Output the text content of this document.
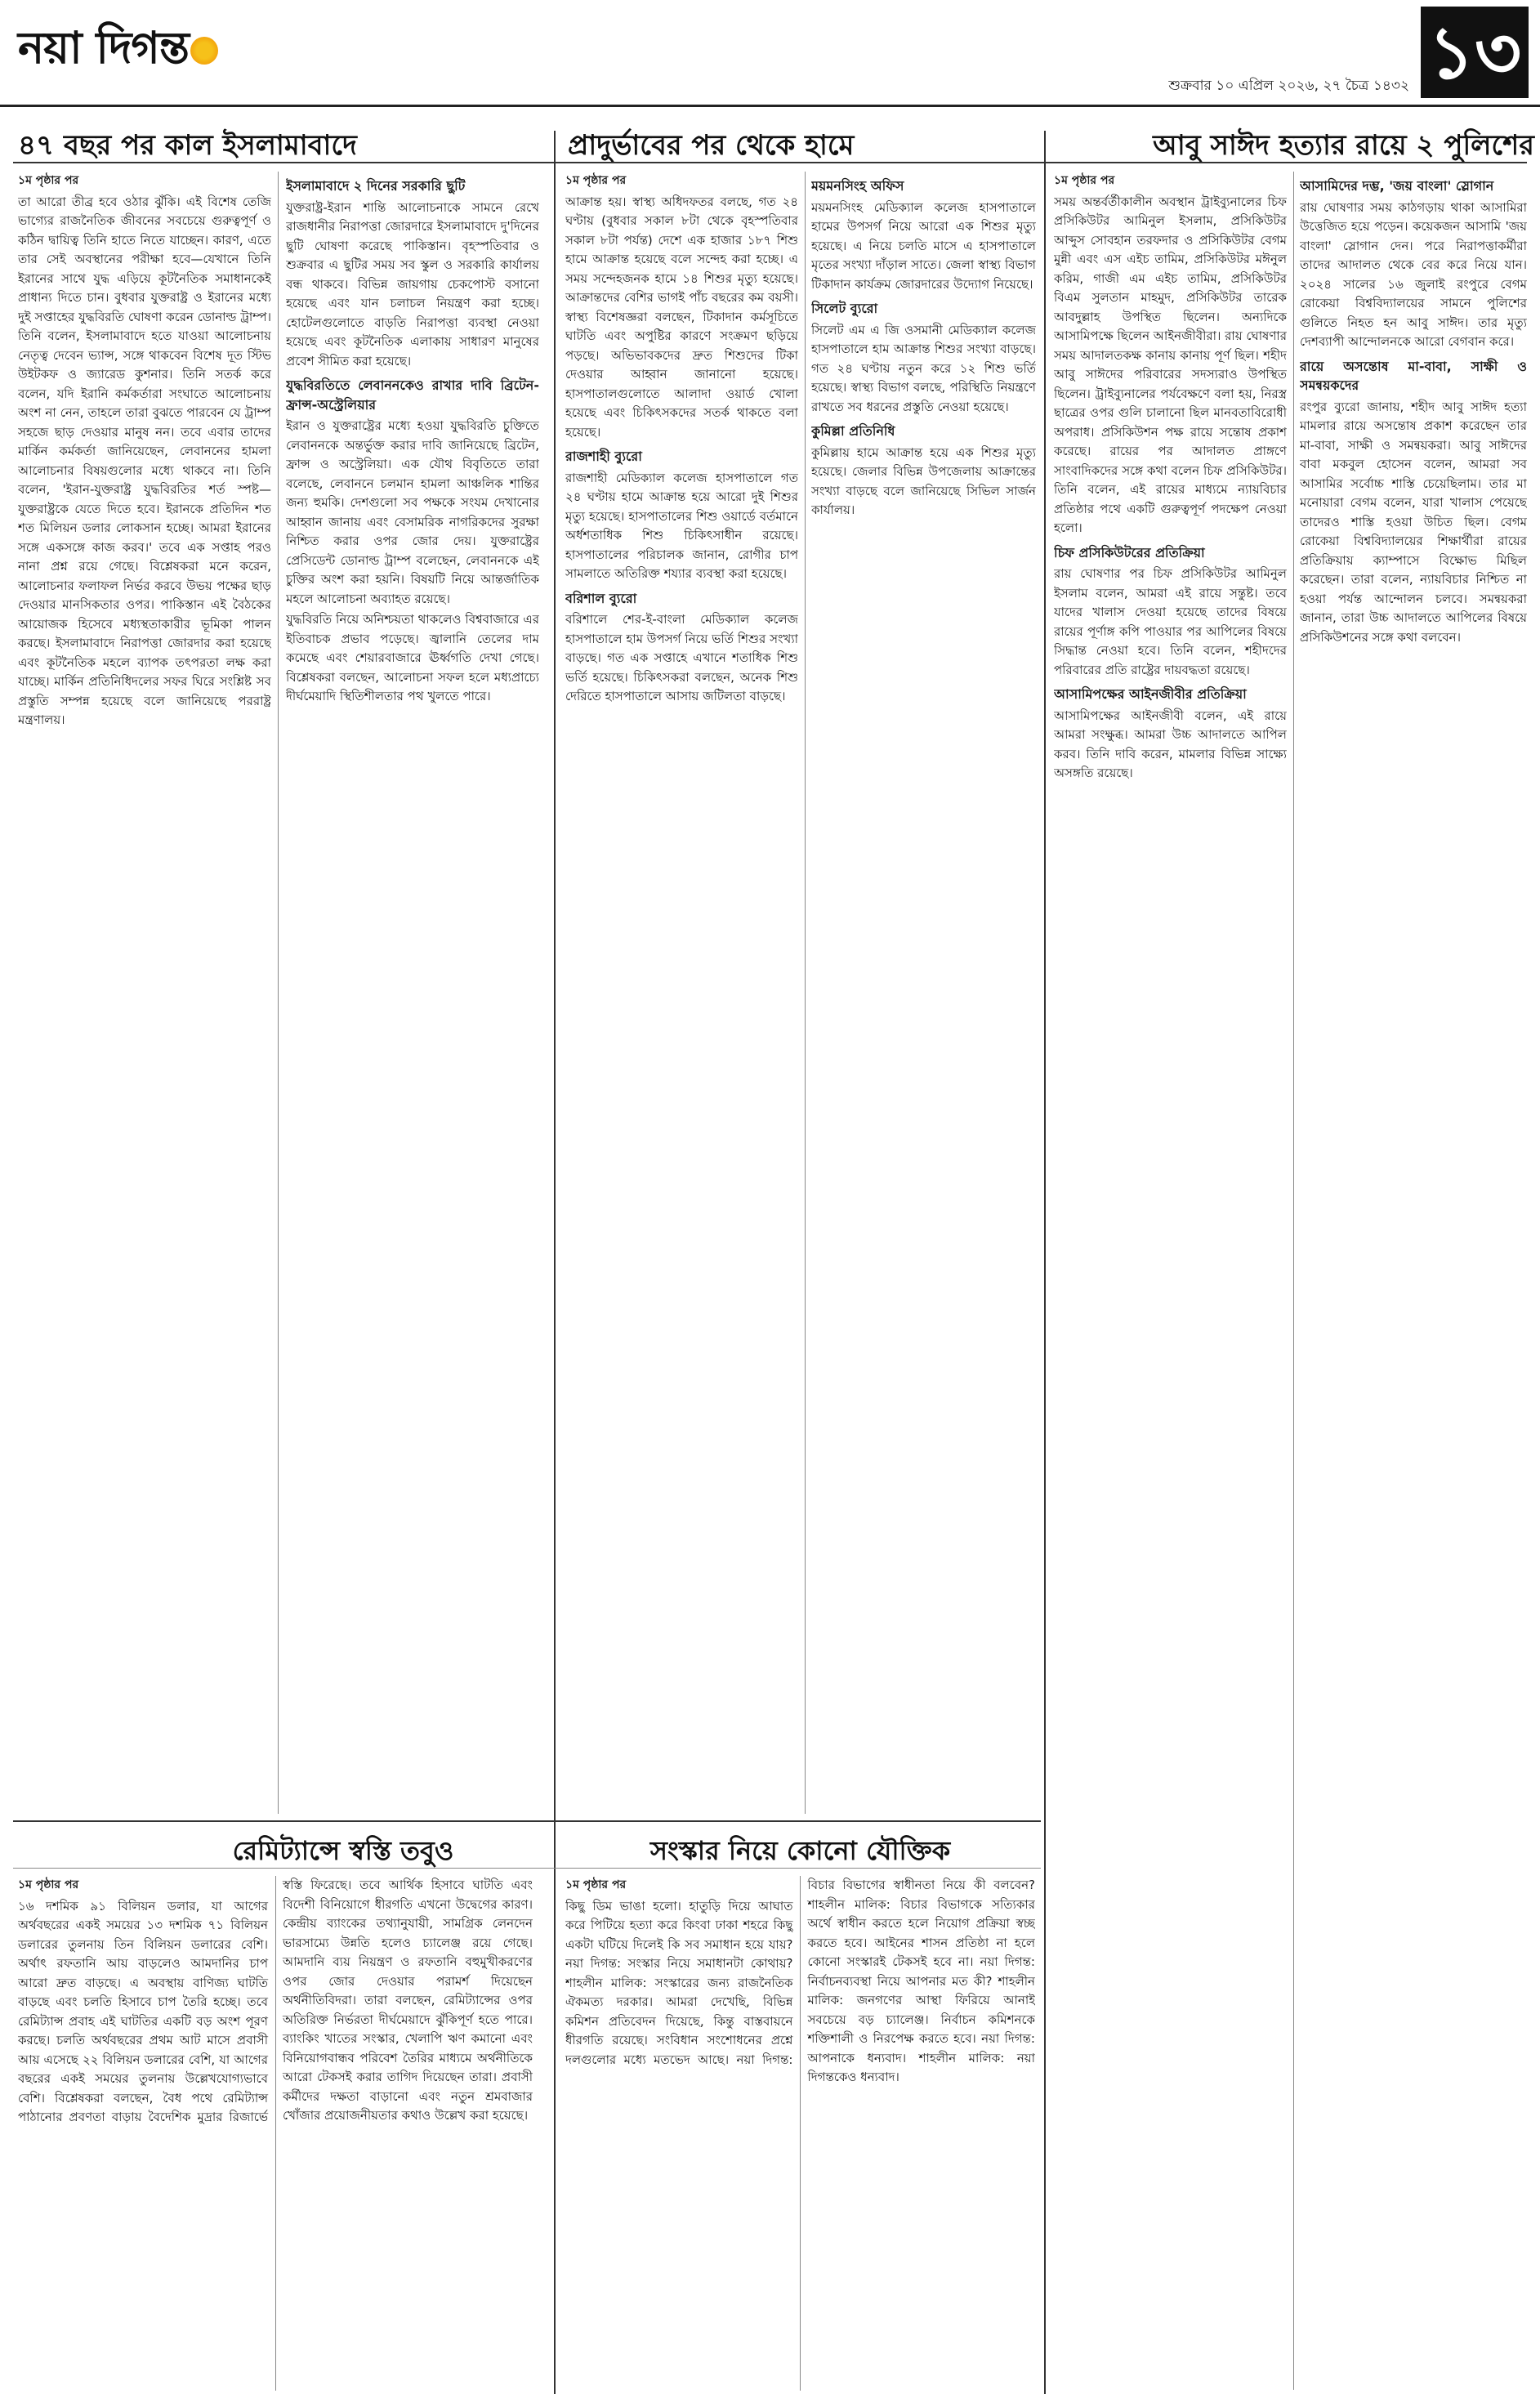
নয়া দিগন্ত
শুক্রবার ১০ এপ্রিল ২০২৬, ২৭ চৈত্র ১৪৩২ ১৩
৪৭ বছর পর কাল ইসলামাবাদে	প্রাদুর্ভাবের পর থেকে হামে	আবু সাঈদ হত্যার রায়ে ২ পুলিশের
১ম পৃষ্ঠার পর

তা আরো তীব্র হবে ওঠার ঝুঁকি। এই বিশেষ তেজি ভাগ্যের রাজনৈতিক জীবনের সবচেয়ে গুরুত্বপূর্ণ ও কঠিন দ্বায়িত্ব তিনি হাতে নিতে যাচ্ছেন। কারণ, এতে তার সেই অবস্থানের পরীক্ষা হবে—যেখানে তিনি ইরানের সাথে যুদ্ধ এড়িয়ে কূটনৈতিক সমাধানকেই প্রাধান্য দিতে চান। বুধবার যুক্তরাষ্ট্র ও ইরানের মধ্যে দুই সপ্তাহের যুদ্ধবিরতি ঘোষণা করেন ডোনাল্ড ট্রাম্প। তিনি বলেন, ইসলামাবাদে হতে যাওয়া আলোচনায় নেতৃত্ব দেবেন ভ্যান্স, সঙ্গে থাকবেন বিশেষ দূত স্টিভ উইটকফ ও জ্যারেড কুশনার। তিনি সতর্ক করে বলেন, যদি ইরানি কর্মকর্তারা সংঘাতে আলোচনায় অংশ না নেন, তাহলে তারা বুঝতে পারবেন যে ট্রাম্প সহজে ছাড় দেওয়ার মানুষ নন। তবে এবার তাদের মার্কিন কর্মকর্তা জানিয়েছেন, লেবাননের হামলা আলোচনার বিষয়গুলোর মধ্যে থাকবে না। তিনি বলেন, 'ইরান-যুক্তরাষ্ট্র যুদ্ধবিরতির শর্ত স্পষ্ট—যুক্তরাষ্ট্রকে যেতে দিতে হবে। ইরানকে প্রতিদিন শত শত মিলিয়ন ডলার লোকসান হচ্ছে। আমরা ইরানের সঙ্গে একসঙ্গে কাজ করব।' তবে এক সপ্তাহ পরও নানা প্রশ্ন রয়ে গেছে। বিশ্লেষকরা মনে করেন, আলোচনার ফলাফল নির্ভর করবে উভয় পক্ষের ছাড় দেওয়ার মানসিকতার ওপর। পাকিস্তান এই বৈঠকের আয়োজক হিসেবে মধ্যস্থতাকারীর ভূমিকা পালন করছে। ইসলামাবাদে নিরাপত্তা জোরদার করা হয়েছে এবং কূটনৈতিক মহলে ব্যাপক তৎপরতা লক্ষ করা যাচ্ছে। মার্কিন প্রতিনিধিদলের সফর ঘিরে সংশ্লিষ্ট সব প্রস্তুতি সম্পন্ন হয়েছে বলে জানিয়েছে পররাষ্ট্র মন্ত্রণালয়।

ইসলামাবাদে ২ দিনের সরকারি ছুটি

যুক্তরাষ্ট্র-ইরান শান্তি আলোচনাকে সামনে রেখে রাজধানীর নিরাপত্তা জোরদারে ইসলামাবাদে দু'দিনের ছুটি ঘোষণা করেছে পাকিস্তান। বৃহস্পতিবার ও শুক্রবার এ ছুটির সময় সব স্কুল ও সরকারি কার্যালয় বন্ধ থাকবে। বিভিন্ন জায়গায় চেকপোস্ট বসানো হয়েছে এবং যান চলাচল নিয়ন্ত্রণ করা হচ্ছে। হোটেলগুলোতে বাড়তি নিরাপত্তা ব্যবস্থা নেওয়া হয়েছে এবং কূটনৈতিক এলাকায় সাধারণ মানুষের প্রবেশ সীমিত করা হয়েছে।

যুদ্ধবিরতিতে লেবাননকেও রাখার দাবি ব্রিটেন-ফ্রান্স-অস্ট্রেলিয়ার

ইরান ও যুক্তরাষ্ট্রের মধ্যে হওয়া যুদ্ধবিরতি চুক্তিতে লেবাননকে অন্তর্ভুক্ত করার দাবি জানিয়েছে ব্রিটেন, ফ্রান্স ও অস্ট্রেলিয়া। এক যৌথ বিবৃতিতে তারা বলেছে, লেবাননে চলমান হামলা আঞ্চলিক শান্তির জন্য হুমকি। দেশগুলো সব পক্ষকে সংযম দেখানোর আহ্বান জানায় এবং বেসামরিক নাগরিকদের সুরক্ষা নিশ্চিত করার ওপর জোর দেয়। যুক্তরাষ্ট্রের প্রেসিডেন্ট ডোনাল্ড ট্রাম্প বলেছেন, লেবাননকে এই চুক্তির অংশ করা হয়নি। বিষয়টি নিয়ে আন্তর্জাতিক মহলে আলোচনা অব্যাহত রয়েছে।

যুদ্ধবিরতি নিয়ে অনিশ্চয়তা থাকলেও বিশ্ববাজারে এর ইতিবাচক প্রভাব পড়েছে। জ্বালানি তেলের দাম কমেছে এবং শেয়ারবাজারে ঊর্ধ্বগতি দেখা গেছে। বিশ্লেষকরা বলছেন, আলোচনা সফল হলে মধ্যপ্রাচ্যে দীর্ঘমেয়াদি স্থিতিশীলতার পথ খুলতে পারে।

১ম পৃষ্ঠার পর

আক্রান্ত হয়। স্বাস্থ্য অধিদফতর বলছে, গত ২৪ ঘণ্টায় (বুধবার সকাল ৮টা থেকে বৃহস্পতিবার সকাল ৮টা পর্যন্ত) দেশে এক হাজার ১৮৭ শিশু হামে আক্রান্ত হয়েছে বলে সন্দেহ করা হচ্ছে। এ সময় সন্দেহজনক হামে ১৪ শিশুর মৃত্যু হয়েছে। আক্রান্তদের বেশির ভাগই পাঁচ বছরের কম বয়সী। স্বাস্থ্য বিশেষজ্ঞরা বলছেন, টিকাদান কর্মসূচিতে ঘাটতি এবং অপুষ্টির কারণে সংক্রমণ ছড়িয়ে পড়ছে। অভিভাবকদের দ্রুত শিশুদের টিকা দেওয়ার আহ্বান জানানো হয়েছে। হাসপাতালগুলোতে আলাদা ওয়ার্ড খোলা হয়েছে এবং চিকিৎসকদের সতর্ক থাকতে বলা হয়েছে।

রাজশাহী ব্যুরো

রাজশাহী মেডিক্যাল কলেজ হাসপাতালে গত ২৪ ঘণ্টায় হামে আক্রান্ত হয়ে আরো দুই শিশুর মৃত্যু হয়েছে। হাসপাতালের শিশু ওয়ার্ডে বর্তমানে অর্ধশতাধিক শিশু চিকিৎসাধীন রয়েছে। হাসপাতালের পরিচালক জানান, রোগীর চাপ সামলাতে অতিরিক্ত শয্যার ব্যবস্থা করা হয়েছে।

বরিশাল ব্যুরো

বরিশালে শের-ই-বাংলা মেডিক্যাল কলেজ হাসপাতালে হাম উপসর্গ নিয়ে ভর্তি শিশুর সংখ্যা বাড়ছে। গত এক সপ্তাহে এখানে শতাধিক শিশু ভর্তি হয়েছে। চিকিৎসকরা বলছেন, অনেক শিশু দেরিতে হাসপাতালে আসায় জটিলতা বাড়ছে।

ময়মনসিংহ অফিস

ময়মনসিংহ মেডিক্যাল কলেজ হাসপাতালে হামের উপসর্গ নিয়ে আরো এক শিশুর মৃত্যু হয়েছে। এ নিয়ে চলতি মাসে এ হাসপাতালে মৃতের সংখ্যা দাঁড়াল সাতে। জেলা স্বাস্থ্য বিভাগ টিকাদান কার্যক্রম জোরদারের উদ্যোগ নিয়েছে।

সিলেট ব্যুরো

সিলেট এম এ জি ওসমানী মেডিক্যাল কলেজ হাসপাতালে হাম আক্রান্ত শিশুর সংখ্যা বাড়ছে। গত ২৪ ঘণ্টায় নতুন করে ১২ শিশু ভর্তি হয়েছে। স্বাস্থ্য বিভাগ বলছে, পরিস্থিতি নিয়ন্ত্রণে রাখতে সব ধরনের প্রস্তুতি নেওয়া হয়েছে।

কুমিল্লা প্রতিনিধি

কুমিল্লায় হামে আক্রান্ত হয়ে এক শিশুর মৃত্যু হয়েছে। জেলার বিভিন্ন উপজেলায় আক্রান্তের সংখ্যা বাড়ছে বলে জানিয়েছে সিভিল সার্জন কার্যালয়।

১ম পৃষ্ঠার পর

সময় অন্তর্বর্তীকালীন অবস্থান ট্রাইব্যুনালের চিফ প্রসিকিউটর আমিনুল ইসলাম, প্রসিকিউটর আব্দুস সোবহান তরফদার ও প্রসিকিউটর বেগম মুন্নী এবং এস এইচ তামিম, প্রসিকিউটর মঈনুল করিম, গাজী এম এইচ তামিম, প্রসিকিউটর বিএম সুলতান মাহমুদ, প্রসিকিউটর তারেক আবদুল্লাহ উপস্থিত ছিলেন। অন্যদিকে আসামিপক্ষে ছিলেন আইনজীবীরা। রায় ঘোষণার সময় আদালতকক্ষ কানায় কানায় পূর্ণ ছিল। শহীদ আবু সাঈদের পরিবারের সদস্যরাও উপস্থিত ছিলেন। ট্রাইব্যুনালের পর্যবেক্ষণে বলা হয়, নিরস্ত্র ছাত্রের ওপর গুলি চালানো ছিল মানবতাবিরোধী অপরাধ। প্রসিকিউশন পক্ষ রায়ে সন্তোষ প্রকাশ করেছে। রায়ের পর আদালত প্রাঙ্গণে সাংবাদিকদের সঙ্গে কথা বলেন চিফ প্রসিকিউটর। তিনি বলেন, এই রায়ের মাধ্যমে ন্যায়বিচার প্রতিষ্ঠার পথে একটি গুরুত্বপূর্ণ পদক্ষেপ নেওয়া হলো।

চিফ প্রসিকিউটরের প্রতিক্রিয়া

রায় ঘোষণার পর চিফ প্রসিকিউটর আমিনুল ইসলাম বলেন, আমরা এই রায়ে সন্তুষ্ট। তবে যাদের খালাস দেওয়া হয়েছে তাদের বিষয়ে রায়ের পূর্ণাঙ্গ কপি পাওয়ার পর আপিলের বিষয়ে সিদ্ধান্ত নেওয়া হবে। তিনি বলেন, শহীদদের পরিবারের প্রতি রাষ্ট্রের দায়বদ্ধতা রয়েছে।

আসামিপক্ষের আইনজীবীর প্রতিক্রিয়া

আসামিপক্ষের আইনজীবী বলেন, এই রায়ে আমরা সংক্ষুব্ধ। আমরা উচ্চ আদালতে আপিল করব। তিনি দাবি করেন, মামলার বিভিন্ন সাক্ষ্যে অসঙ্গতি রয়েছে।

আসামিদের দম্ভ, 'জয় বাংলা' স্লোগান

রায় ঘোষণার সময় কাঠগড়ায় থাকা আসামিরা উত্তেজিত হয়ে পড়েন। কয়েকজন আসামি 'জয় বাংলা' স্লোগান দেন। পরে নিরাপত্তাকর্মীরা তাদের আদালত থেকে বের করে নিয়ে যান। ২০২৪ সালের ১৬ জুলাই রংপুরে বেগম রোকেয়া বিশ্ববিদ্যালয়ের সামনে পুলিশের গুলিতে নিহত হন আবু সাঈদ। তার মৃত্যু দেশব্যাপী আন্দোলনকে আরো বেগবান করে।

রায়ে অসন্তোষ মা-বাবা, সাক্ষী ও সমন্বয়কদের

রংপুর ব্যুরো জানায়, শহীদ আবু সাঈদ হত্যা মামলার রায়ে অসন্তোষ প্রকাশ করেছেন তার মা-বাবা, সাক্ষী ও সমন্বয়করা। আবু সাঈদের বাবা মকবুল হোসেন বলেন, আমরা সব আসামির সর্বোচ্চ শাস্তি চেয়েছিলাম। তার মা মনোয়ারা বেগম বলেন, যারা খালাস পেয়েছে তাদেরও শাস্তি হওয়া উচিত ছিল। বেগম রোকেয়া বিশ্ববিদ্যালয়ের শিক্ষার্থীরা রায়ের প্রতিক্রিয়ায় ক্যাম্পাসে বিক্ষোভ মিছিল করেছেন। তারা বলেন, ন্যায়বিচার নিশ্চিত না হওয়া পর্যন্ত আন্দোলন চলবে। সমন্বয়করা জানান, তারা উচ্চ আদালতে আপিলের বিষয়ে প্রসিকিউশনের সঙ্গে কথা বলবেন।

রেমিট্যান্সে স্বস্তি তবুও	সংস্কার নিয়ে কোনো যৌক্তিক
১ম পৃষ্ঠার পর

১৬ দশমিক ৯১ বিলিয়ন ডলার, যা আগের অর্থবছরের একই সময়ের ১৩ দশমিক ৭১ বিলিয়ন ডলারের তুলনায় তিন বিলিয়ন ডলারের বেশি। অর্থাৎ রফতানি আয় বাড়লেও আমদানির চাপ আরো দ্রুত বাড়ছে। এ অবস্থায় বাণিজ্য ঘাটতি বাড়ছে এবং চলতি হিসাবে চাপ তৈরি হচ্ছে। তবে রেমিট্যান্স প্রবাহ এই ঘাটতির একটি বড় অংশ পূরণ করছে। চলতি অর্থবছরের প্রথম আট মাসে প্রবাসী আয় এসেছে ২২ বিলিয়ন ডলারের বেশি, যা আগের বছরের একই সময়ের তুলনায় উল্লেখযোগ্যভাবে বেশি। বিশ্লেষকরা বলছেন, বৈধ পথে রেমিট্যান্স পাঠানোর প্রবণতা বাড়ায় বৈদেশিক মুদ্রার রিজার্ভে স্বস্তি ফিরেছে। তবে আর্থিক হিসাবে ঘাটতি এবং বিদেশী বিনিয়োগে ধীরগতি এখনো উদ্বেগের কারণ। কেন্দ্রীয় ব্যাংকের তথ্যানুযায়ী, সামগ্রিক লেনদেন ভারসাম্যে উন্নতি হলেও চ্যালেঞ্জ রয়ে গেছে। আমদানি ব্যয় নিয়ন্ত্রণ ও রফতানি বহুমুখীকরণের ওপর জোর দেওয়ার পরামর্শ দিয়েছেন অর্থনীতিবিদরা। তারা বলছেন, রেমিট্যান্সের ওপর অতিরিক্ত নির্ভরতা দীর্ঘমেয়াদে ঝুঁকিপূর্ণ হতে পারে। ব্যাংকিং খাতের সংস্কার, খেলাপি ঋণ কমানো এবং বিনিয়োগবান্ধব পরিবেশ তৈরির মাধ্যমে অর্থনীতিকে আরো টেকসই করার তাগিদ দিয়েছেন তারা। প্রবাসী কর্মীদের দক্ষতা বাড়ানো এবং নতুন শ্রমবাজার খোঁজার প্রয়োজনীয়তার কথাও উল্লেখ করা হয়েছে।

১ম পৃষ্ঠার পর

কিছু ডিম ভাঙা হলো। হাতুড়ি দিয়ে আঘাত করে পিটিয়ে হত্যা করে কিংবা ঢাকা শহরে কিছু একটা ঘটিয়ে দিলেই কি সব সমাধান হয়ে যায়? নয়া দিগন্ত: সংস্কার নিয়ে সমাধানটা কোথায়? শাহলীন মালিক: সংস্কারের জন্য রাজনৈতিক ঐকমত্য দরকার। আমরা দেখেছি, বিভিন্ন কমিশন প্রতিবেদন দিয়েছে, কিন্তু বাস্তবায়নে ধীরগতি রয়েছে। সংবিধান সংশোধনের প্রশ্নে দলগুলোর মধ্যে মতভেদ আছে। নয়া দিগন্ত: বিচার বিভাগের স্বাধীনতা নিয়ে কী বলবেন? শাহলীন মালিক: বিচার বিভাগকে সত্যিকার অর্থে স্বাধীন করতে হলে নিয়োগ প্রক্রিয়া স্বচ্ছ করতে হবে। আইনের শাসন প্রতিষ্ঠা না হলে কোনো সংস্কারই টেকসই হবে না। নয়া দিগন্ত: নির্বাচনব্যবস্থা নিয়ে আপনার মত কী? শাহলীন মালিক: জনগণের আস্থা ফিরিয়ে আনাই সবচেয়ে বড় চ্যালেঞ্জ। নির্বাচন কমিশনকে শক্তিশালী ও নিরপেক্ষ করতে হবে। নয়া দিগন্ত: আপনাকে ধন্যবাদ। শাহলীন মালিক: নয়া দিগন্তকেও ধন্যবাদ।
